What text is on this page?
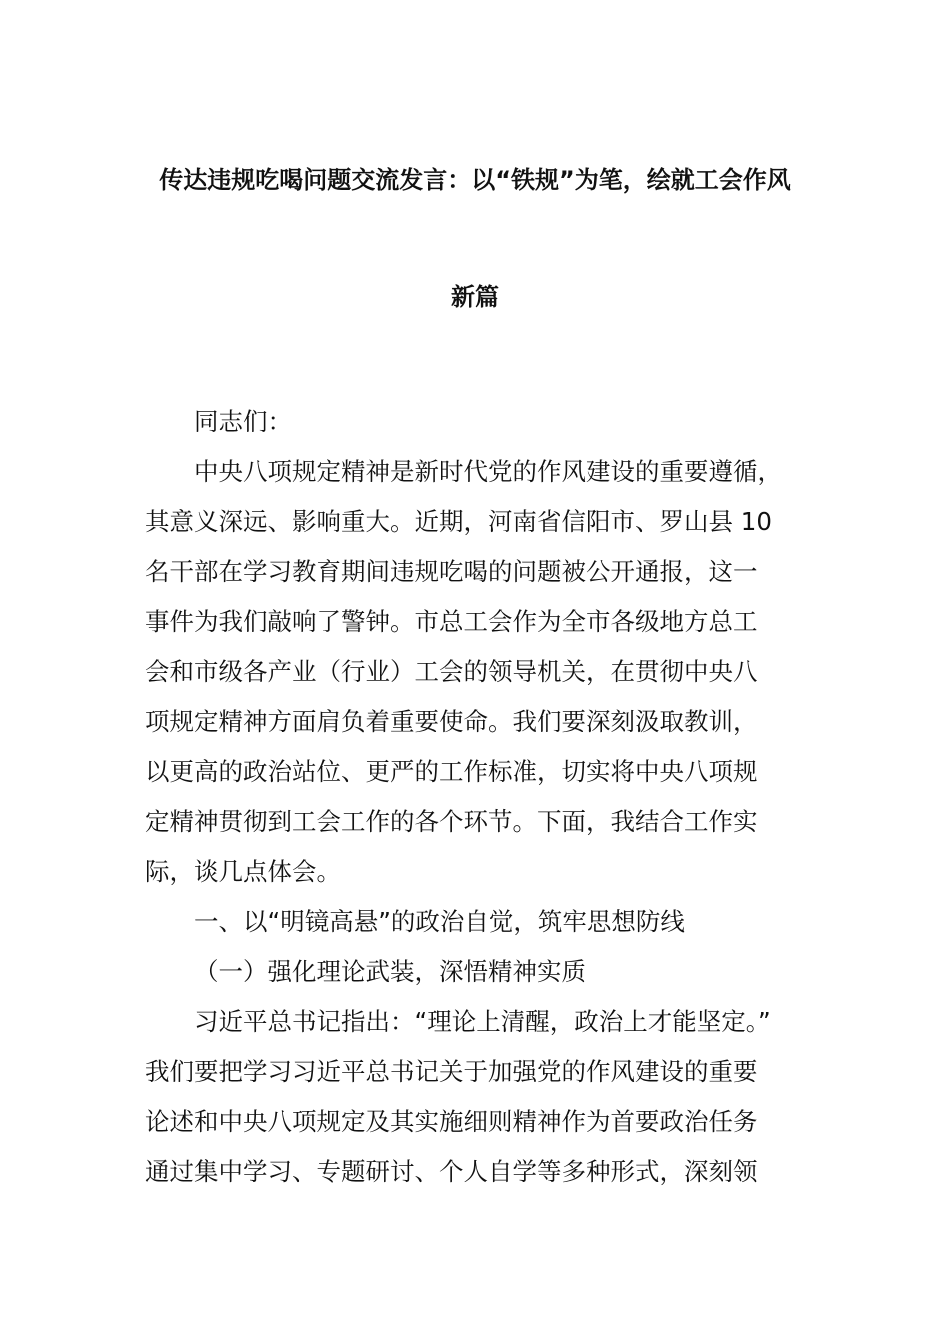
传达违规吃喝问题交流发言：以“铁规”为笔，绘就工会作风
新篇
同志们：
中央八项规定精神是新时代党的作风建设的重要遵循，
其意义深远、影响重大。近期，河南省信阳市、罗山县 10
名干部在学习教育期间违规吃喝的问题被公开通报，这一
事件为我们敲响了警钟。市总工会作为全市各级地方总工
会和市级各产业（行业）工会的领导机关，在贯彻中央八
项规定精神方面肩负着重要使命。我们要深刻汲取教训，
以更高的政治站位、更严的工作标准，切实将中央八项规
定精神贯彻到工会工作的各个环节。下面，我结合工作实
际，谈几点体会。
一、以“明镜高悬”的政治自觉，筑牢思想防线
（一）强化理论武装，深悟精神实质
习近平总书记指出：“理论上清醒，政治上才能坚定。”
我们要把学习习近平总书记关于加强党的作风建设的重要
论述和中央八项规定及其实施细则精神作为首要政治任务
通过集中学习、专题研讨、个人自学等多种形式，深刻领
